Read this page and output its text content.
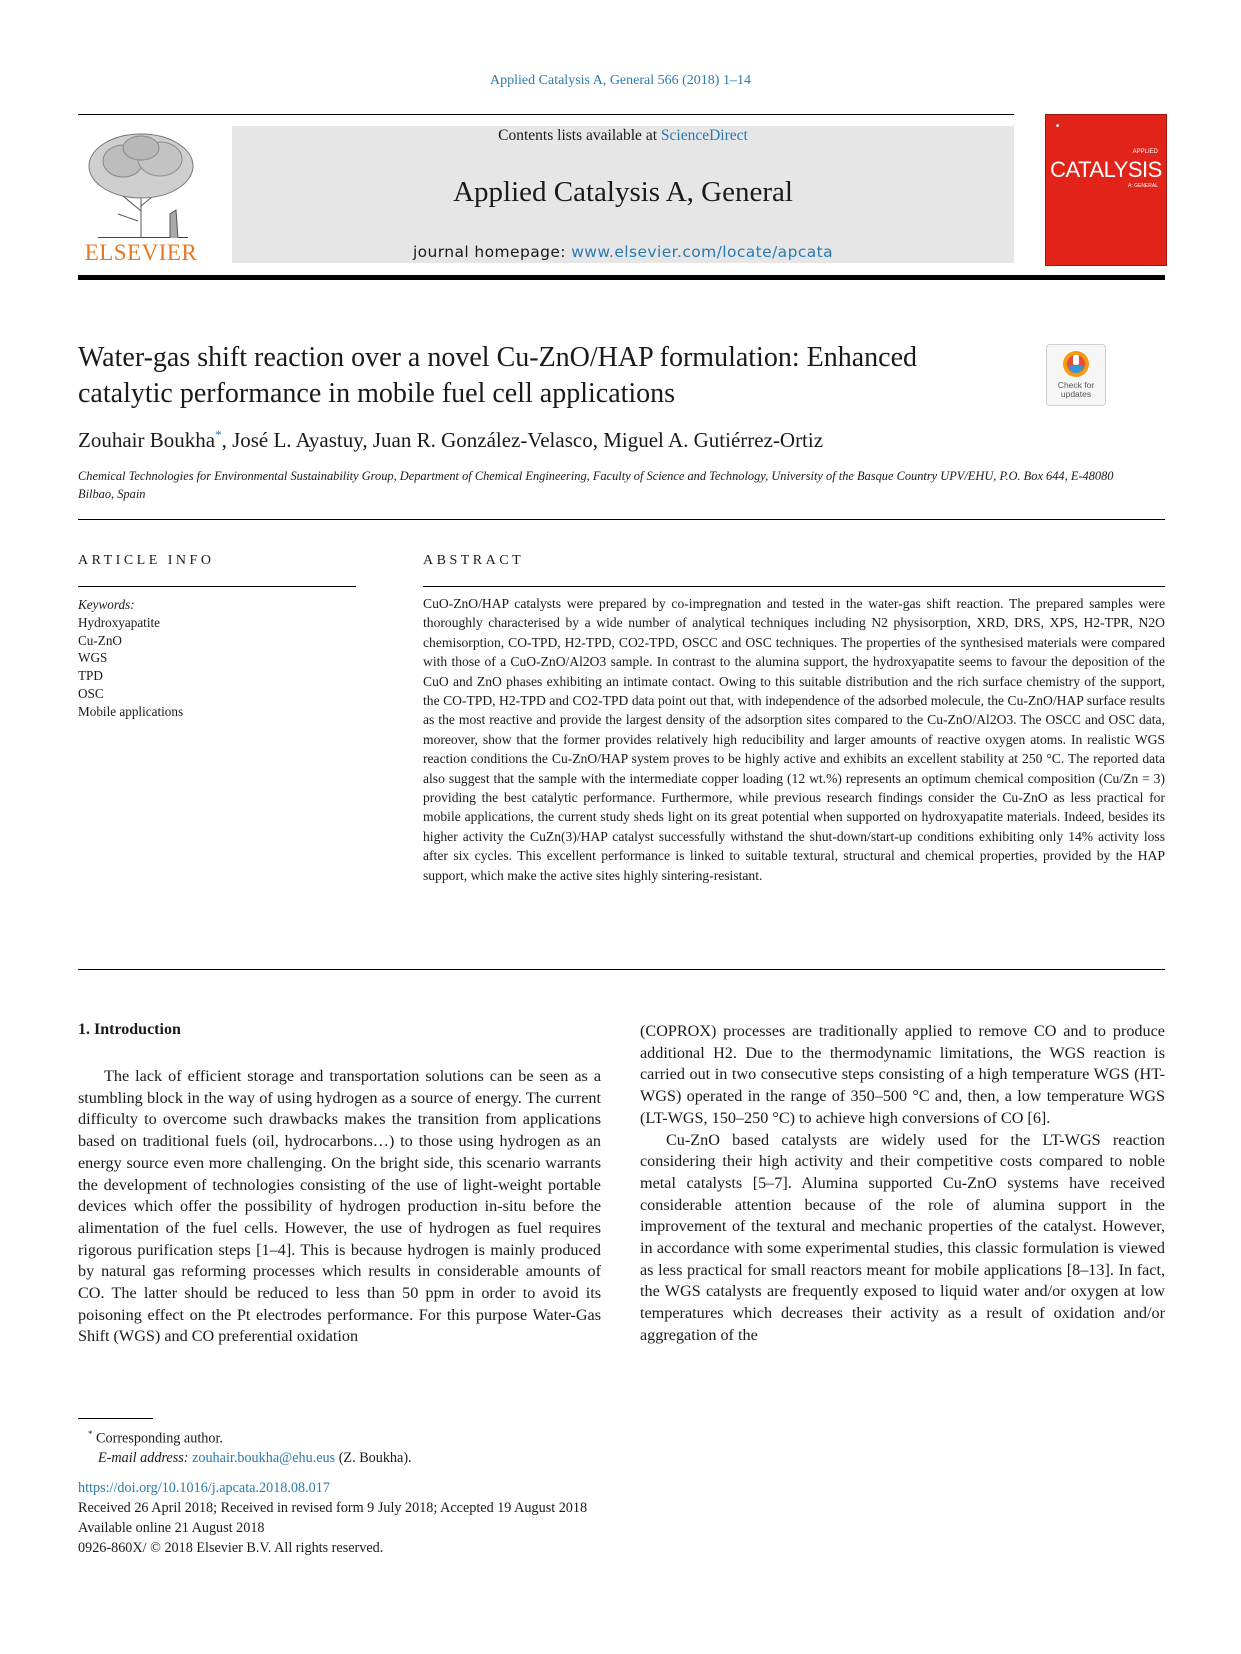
Applied Catalysis A, General 566 (2018) 1–14
ELSEVIER
Contents lists available at ScienceDirect
Applied Catalysis A, General
journal homepage: www.elsevier.com/locate/apcata
■
APPLIED
CATALYSIS
A: GENERAL
Water-gas shift reaction over a novel Cu-ZnO/HAP formulation: Enhanced catalytic performance in mobile fuel cell applications	Check for updates
Zouhair Boukha*, José L. Ayastuy, Juan R. González-Velasco, Miguel A. Gutiérrez-Ortiz
Chemical Technologies for Environmental Sustainability Group, Department of Chemical Engineering, Faculty of Science and Technology, University of the Basque Country UPV/EHU, P.O. Box 644, E-48080 Bilbao, Spain
ARTICLE INFO
Keywords:
Hydroxyapatite
Cu-ZnO
WGS
TPD
OSC
Mobile applications
ABSTRACT
CuO-ZnO/HAP catalysts were prepared by co-impregnation and tested in the water-gas shift reaction. The prepared samples were thoroughly characterised by a wide number of analytical techniques including N2 physisorption, XRD, DRS, XPS, H2-TPR, N2O chemisorption, CO-TPD, H2-TPD, CO2-TPD, OSCC and OSC techniques. The properties of the synthesised materials were compared with those of a CuO-ZnO/Al2O3 sample. In contrast to the alumina support, the hydroxyapatite seems to favour the deposition of the CuO and ZnO phases exhibiting an intimate contact. Owing to this suitable distribution and the rich surface chemistry of the support, the CO-TPD, H2-TPD and CO2-TPD data point out that, with independence of the adsorbed molecule, the Cu-ZnO/HAP surface results as the most reactive and provide the largest density of the adsorption sites compared to the Cu-ZnO/Al2O3. The OSCC and OSC data, moreover, show that the former provides relatively high reducibility and larger amounts of reactive oxygen atoms. In realistic WGS reaction conditions the Cu-ZnO/HAP system proves to be highly active and exhibits an excellent stability at 250 °C. The reported data also suggest that the sample with the intermediate copper loading (12 wt.%) represents an optimum chemical composition (Cu/Zn = 3) providing the best catalytic performance. Furthermore, while previous research findings consider the Cu-ZnO as less practical for mobile applications, the current study sheds light on its great potential when supported on hydroxyapatite materials. Indeed, besides its higher activity the CuZn(3)/HAP catalyst successfully withstand the shut-down/start-up conditions exhibiting only 14% activity loss after six cycles. This excellent performance is linked to suitable textural, structural and chemical properties, provided by the HAP support, which make the active sites highly sintering-resistant.
1. Introduction

The lack of efficient storage and transportation solutions can be seen as a stumbling block in the way of using hydrogen as a source of energy. The current difficulty to overcome such drawbacks makes the transition from applications based on traditional fuels (oil, hydrocarbons…) to those using hydrogen as an energy source even more challenging. On the bright side, this scenario warrants the development of technologies consisting of the use of light-weight portable devices which offer the possibility of hydrogen production in-situ before the alimentation of the fuel cells. However, the use of hydrogen as fuel requires rigorous purification steps [1–4]. This is because hydrogen is mainly produced by natural gas reforming processes which results in considerable amounts of CO. The latter should be reduced to less than 50 ppm in order to avoid its poisoning effect on the Pt electrodes performance. For this purpose Water-Gas Shift (WGS) and CO preferential oxidation

(COPROX) processes are traditionally applied to remove CO and to produce additional H2. Due to the thermodynamic limitations, the WGS reaction is carried out in two consecutive steps consisting of a high temperature WGS (HT-WGS) operated in the range of 350–500 °C and, then, a low temperature WGS (LT-WGS, 150–250 °C) to achieve high conversions of CO [6].

Cu-ZnO based catalysts are widely used for the LT-WGS reaction considering their high activity and their competitive costs compared to noble metal catalysts [5–7]. Alumina supported Cu-ZnO systems have received considerable attention because of the role of alumina support in the improvement of the textural and mechanic properties of the catalyst. However, in accordance with some experimental studies, this classic formulation is viewed as less practical for small reactors meant for mobile applications [8–13]. In fact, the WGS catalysts are frequently exposed to liquid water and/or oxygen at low temperatures which decreases their activity as a result of oxidation and/or aggregation of the

* Corresponding author.
E-mail address: zouhair.boukha@ehu.eus (Z. Boukha).
https://doi.org/10.1016/j.apcata.2018.08.017
Received 26 April 2018; Received in revised form 9 July 2018; Accepted 19 August 2018
Available online 21 August 2018
0926-860X/ © 2018 Elsevier B.V. All rights reserved.
